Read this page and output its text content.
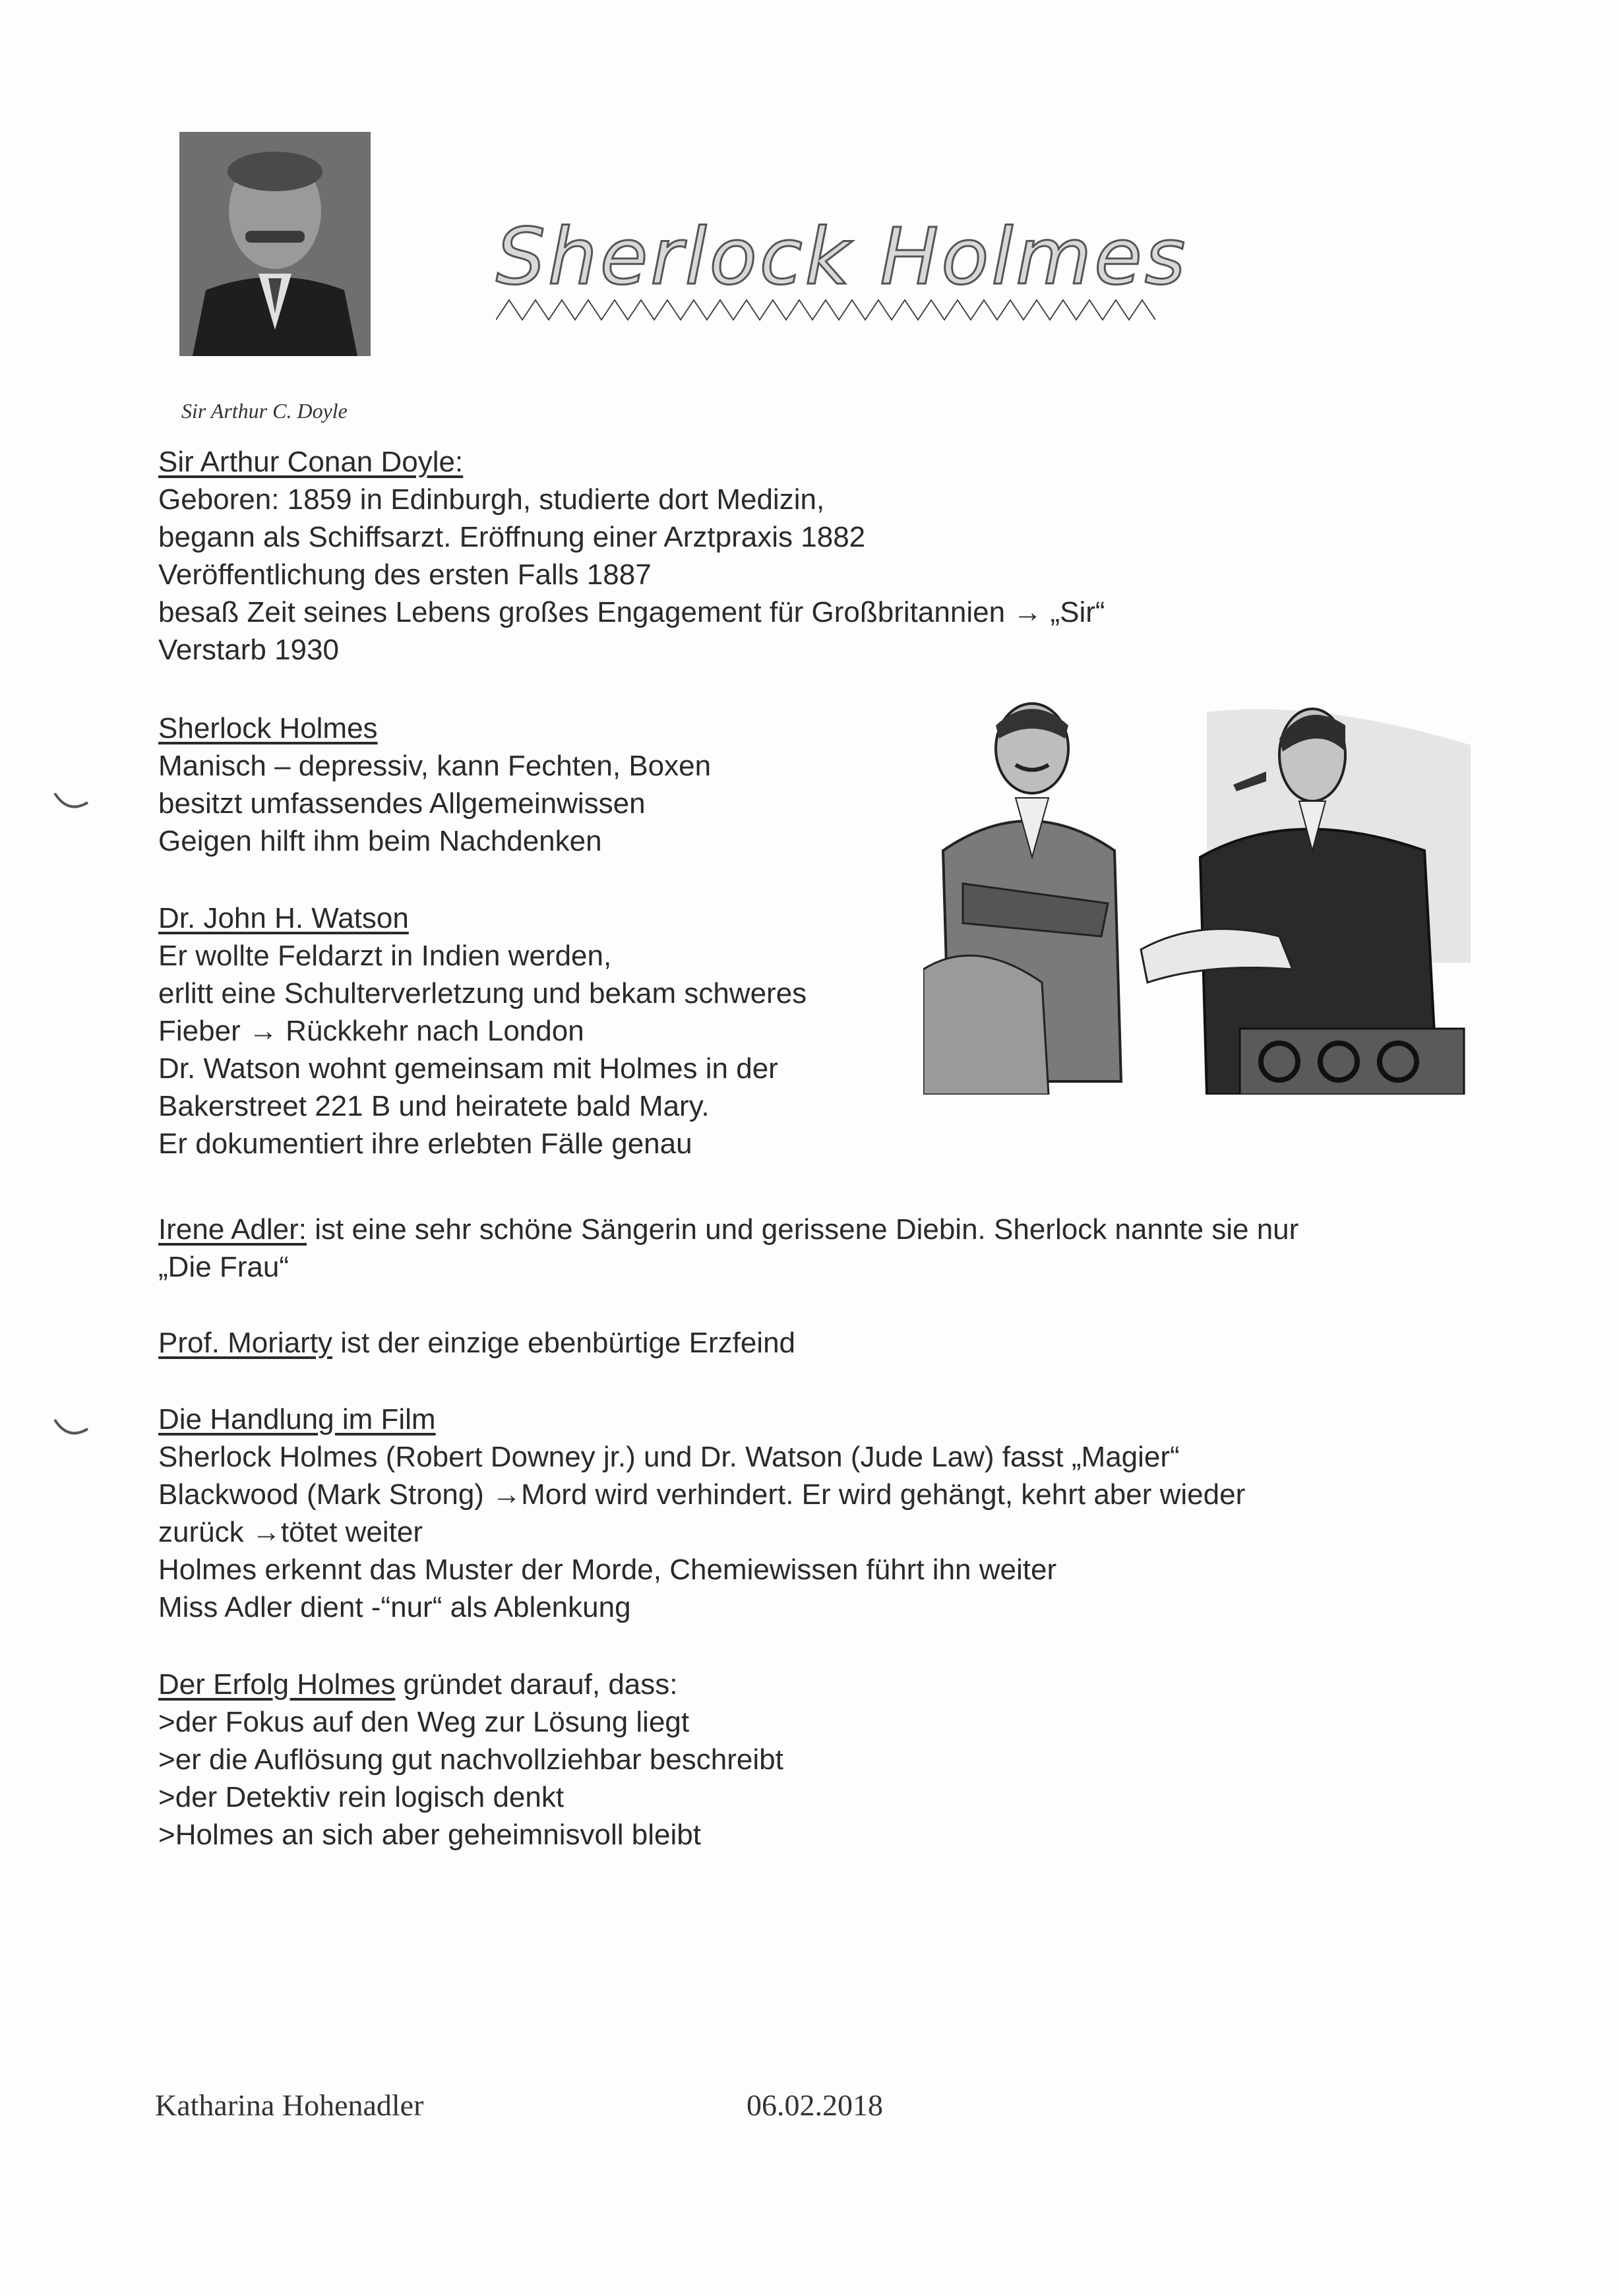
Sir Arthur C. Doyle
Sherlock Holmes
Sir Arthur Conan Doyle:
Geboren: 1859 in Edinburgh, studierte dort Medizin,
begann als Schiffsarzt. Eröffnung einer Arztpraxis 1882
Veröffentlichung des ersten Falls 1887
besaß Zeit seines Lebens großes Engagement für Großbritannien → „Sir“
Verstarb 1930
Sherlock Holmes
Manisch – depressiv, kann Fechten, Boxen
besitzt umfassendes Allgemeinwissen
Geigen hilft ihm beim Nachdenken
Dr. John H. Watson
Er wollte Feldarzt in Indien werden,
erlitt eine Schulterverletzung und bekam schweres
Fieber → Rückkehr nach London
Dr. Watson wohnt gemeinsam mit Holmes in der
Bakerstreet 221 B und heiratete bald Mary.
Er dokumentiert ihre erlebten Fälle genau
Irene Adler: ist eine sehr schöne Sängerin und gerissene Diebin. Sherlock nannte sie nur
„Die Frau“
Prof. Moriarty ist der einzige ebenbürtige Erzfeind
Die Handlung im Film
Sherlock Holmes (Robert Downey jr.) und Dr. Watson (Jude Law) fasst „Magier“
Blackwood (Mark Strong) →Mord wird verhindert. Er wird gehängt, kehrt aber wieder
zurück →tötet weiter
Holmes erkennt das Muster der Morde, Chemiewissen führt ihn weiter
Miss Adler dient -“nur“ als Ablenkung
Der Erfolg Holmes gründet darauf, dass:
>der Fokus auf den Weg zur Lösung liegt
>er die Auflösung gut nachvollziehbar beschreibt
>der Detektiv rein logisch denkt
>Holmes an sich aber geheimnisvoll bleibt
Katharina Hohenadler	06.02.2018
